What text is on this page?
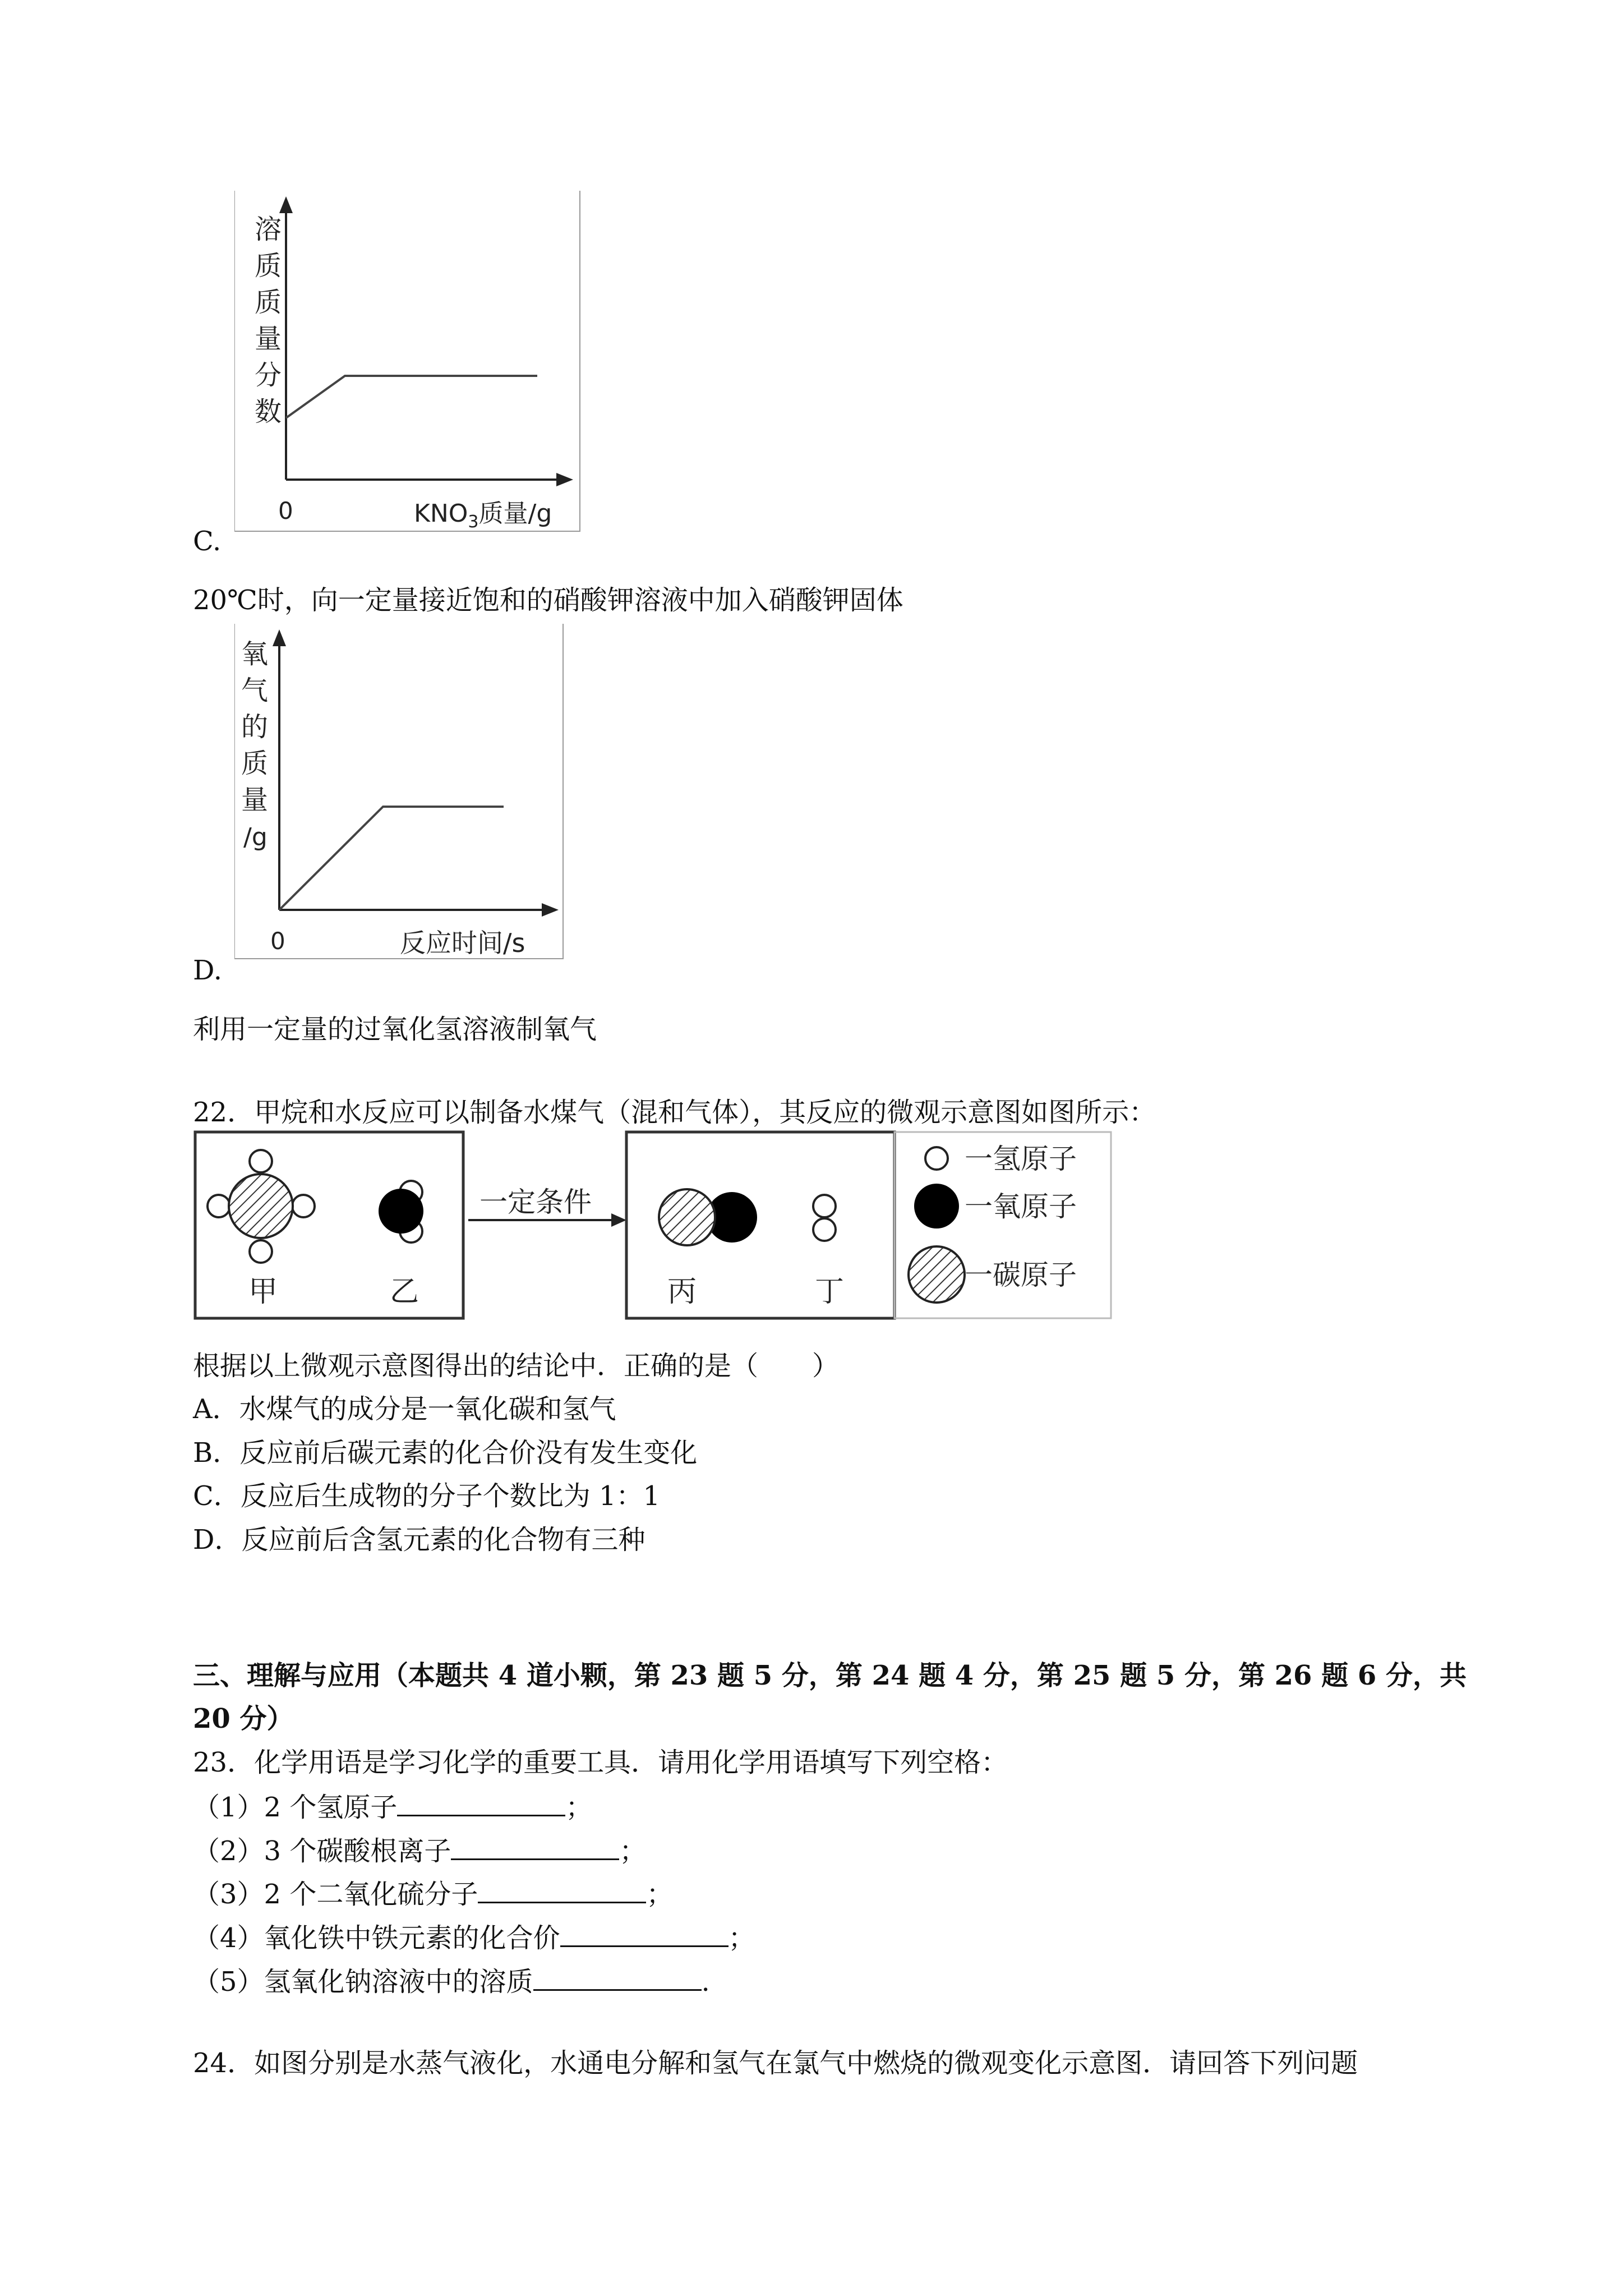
溶
质
质
量
分
数
0	$KNO_3$质量/g
C.
20℃时，向一定量接近饱和的硝酸钾溶液中加入硝酸钾固体
氧
气
的
质
量
/g
0	反应时间/s
D.
利用一定量的过氧化氢溶液制氧气
22．甲烷和水反应可以制备水煤气（混和气体），其反应的微观示意图如图所示：
甲	乙
一定条件
丙	丁
一氢原子
一氧原子
一碳原子
根据以上微观示意图得出的结论中．正确的是（　　）
A．水煤气的成分是一氧化碳和氢气
B．反应前后碳元素的化合价没有发生变化
C．反应后生成物的分子个数比为 1：1
D．反应前后含氢元素的化合物有三种
三、理解与应用（本题共 4 道小颗，第 23 题 5 分，第 24 题 4 分，第 25 题 5 分，第 26 题 6 分，共
20 分）
23．化学用语是学习化学的重要工具．请用化学用语填写下列空格：
（1）2 个氢原子	；
（2）3 个碳酸根离子	；
（3）2 个二氧化硫分子	；
（4）氧化铁中铁元素的化合价	；
（5）氢氧化钠溶液中的溶质	.
24．如图分别是水蒸气液化，水通电分解和氢气在氯气中燃烧的微观变化示意图．请回答下列问题
